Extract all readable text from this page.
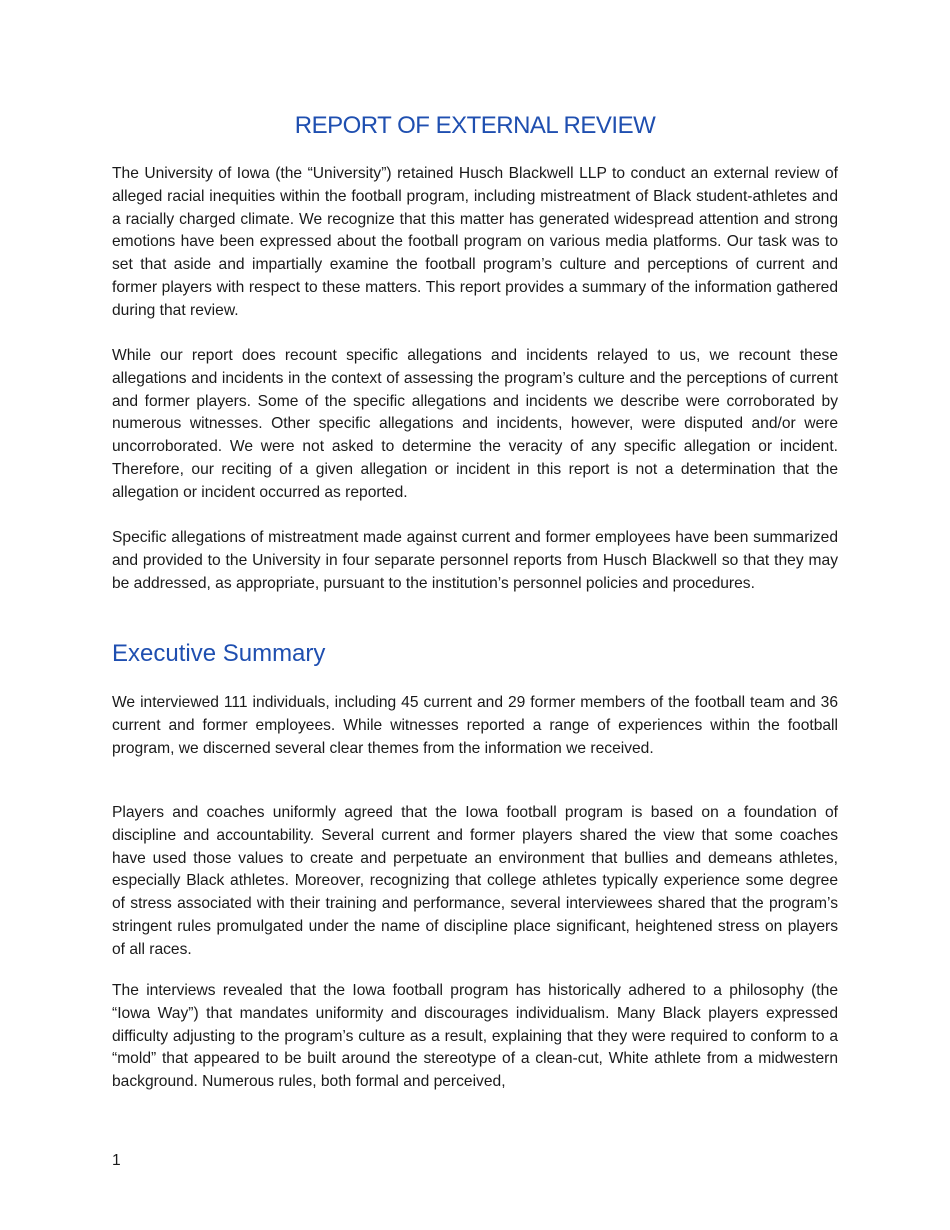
REPORT OF EXTERNAL REVIEW

The University of Iowa (the “University”) retained Husch Blackwell LLP to conduct an external review of alleged racial inequities within the football program, including mistreatment of Black student-athletes and a racially charged climate. We recognize that this matter has generated widespread attention and strong emotions have been expressed about the football program on various media platforms. Our task was to set that aside and impartially examine the football program’s culture and perceptions of current and former players with respect to these matters. This report provides a summary of the information gathered during that review.

While our report does recount specific allegations and incidents relayed to us, we recount these allegations and incidents in the context of assessing the program’s culture and the perceptions of current and former players. Some of the specific allegations and incidents we describe were corroborated by numerous witnesses. Other specific allegations and incidents, however, were disputed and/or were uncorroborated. We were not asked to determine the veracity of any specific allegation or incident. Therefore, our reciting of a given allegation or incident in this report is not a determination that the allegation or incident occurred as reported.

Specific allegations of mistreatment made against current and former employees have been summarized and provided to the University in four separate personnel reports from Husch Blackwell so that they may be addressed, as appropriate, pursuant to the institution’s personnel policies and procedures.

Executive Summary

We interviewed 111 individuals, including 45 current and 29 former members of the football team and 36 current and former employees. While witnesses reported a range of experiences within the football program, we discerned several clear themes from the information we received.

Players and coaches uniformly agreed that the Iowa football program is based on a foundation of discipline and accountability. Several current and former players shared the view that some coaches have used those values to create and perpetuate an environment that bullies and demeans athletes, especially Black athletes. Moreover, recognizing that college athletes typically experience some degree of stress associated with their training and performance, several interviewees shared that the program’s stringent rules promulgated under the name of discipline place significant, heightened stress on players of all races.

The interviews revealed that the Iowa football program has historically adhered to a philosophy (the “Iowa Way”) that mandates uniformity and discourages individualism. Many Black players expressed difficulty adjusting to the program’s culture as a result, explaining that they were required to conform to a “mold” that appeared to be built around the stereotype of a clean-cut, White athlete from a midwestern background. Numerous rules, both formal and perceived,

1
